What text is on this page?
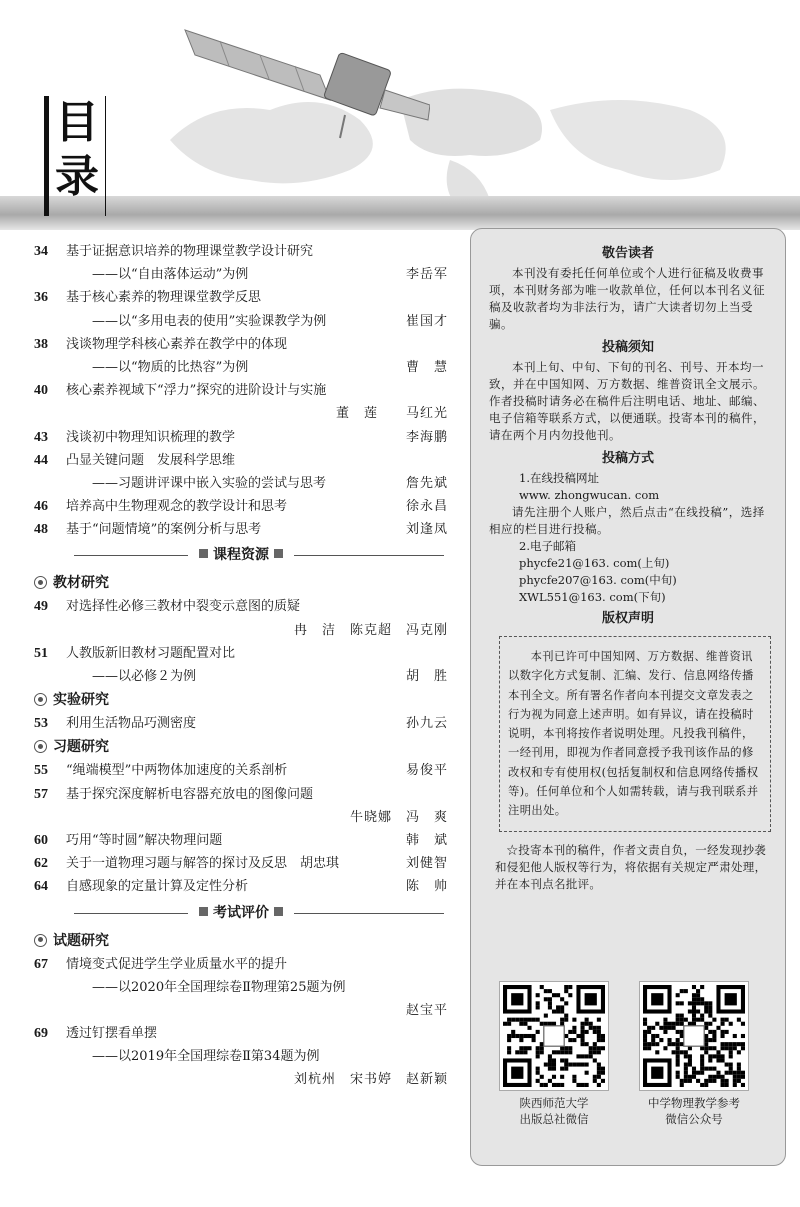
目
录
34 基于证据意识培养的物理课堂教学设计研究
——以“自由落体运动”为例	李岳军
36 基于核心素养的物理课堂教学反思
——以“多用电表的使用”实验课教学为例	崔国才
38 浅谈物理学科核心素养在教学中的体现
——以“物质的比热容”为例	曹　慧
40 核心素养视域下“浮力”探究的进阶设计与实施
董　莲　　马红光
43 浅谈初中物理知识梳理的教学	李海鹏
44 凸显关键问题　发展科学思维
——习题讲评课中嵌入实验的尝试与思考	詹先斌
46 培养高中生物理观念的教学设计和思考	徐永昌
48 基于“问题情境”的案例分析与思考	刘逢凤
课程资源
教材研究
49 对选择性必修三教材中裂变示意图的质疑
冉　洁　陈克超　冯克刚
51 人教版新旧教材习题配置对比
——以必修２为例	胡　胜
实验研究
53 利用生活物品巧测密度	孙九云
习题研究
55 “绳端模型”中两物体加速度的关系剖析	易俊平
57 基于探究深度解析电容器充放电的图像问题
牛晓娜　冯　爽
60 巧用“等时圆”解决物理问题	韩　斌
62 关于一道物理习题与解答的探讨及反思　胡忠琪	刘健智
64 自感现象的定量计算及定性分析	陈　帅
考试评价
试题研究
67 情境变式促进学生学业质量水平的提升
——以2020年全国理综卷Ⅱ物理第25题为例
赵宝平
69 透过钉摆看单摆
——以2019年全国理综卷Ⅱ第34题为例
刘杭州　宋书婷　赵新颖
敬告读者
本刊没有委托任何单位或个人进行征稿及收费事项，本刊财务部为唯一收款单位，任何以本刊名义征稿及收款者均为非法行为，请广大读者切勿上当受骗。
投稿须知
本刊上旬、中旬、下旬的刊名、刊号、开本均一致，并在中国知网、万方数据、维普资讯全文展示。作者投稿时请务必在稿件后注明电话、地址、邮编、电子信箱等联系方式，以便通联。投寄本刊的稿件，请在两个月内勿投他刊。
投稿方式
1.在线投稿网址
www. zhongwucan. com
请先注册个人账户，然后点击“在线投稿”，选择相应的栏目进行投稿。
2.电子邮箱
phycfe21@163. com(上旬)
phycfe207@163. com(中旬)
XWL551@163. com(下旬)
版权声明
本刊已许可中国知网、万方数据、维普资讯以数字化方式复制、汇编、发行、信息网络传播本刊全文。所有署名作者向本刊提交文章发表之行为视为同意上述声明。如有异议，请在投稿时说明，本刊将按作者说明处理。凡投我刊稿件，一经刊用，即视为作者同意授予我刊该作品的修改权和专有使用权(包括复制权和信息网络传播权等)。任何单位和个人如需转载，请与我刊联系并注明出处。
☆投寄本刊的稿件，作者文责自负，一经发现抄袭和侵犯他人版权等行为，将依据有关规定严肃处理，并在本刊点名批评。
陕西师范大学
出版总社微信
中学物理教学参考
微信公众号
